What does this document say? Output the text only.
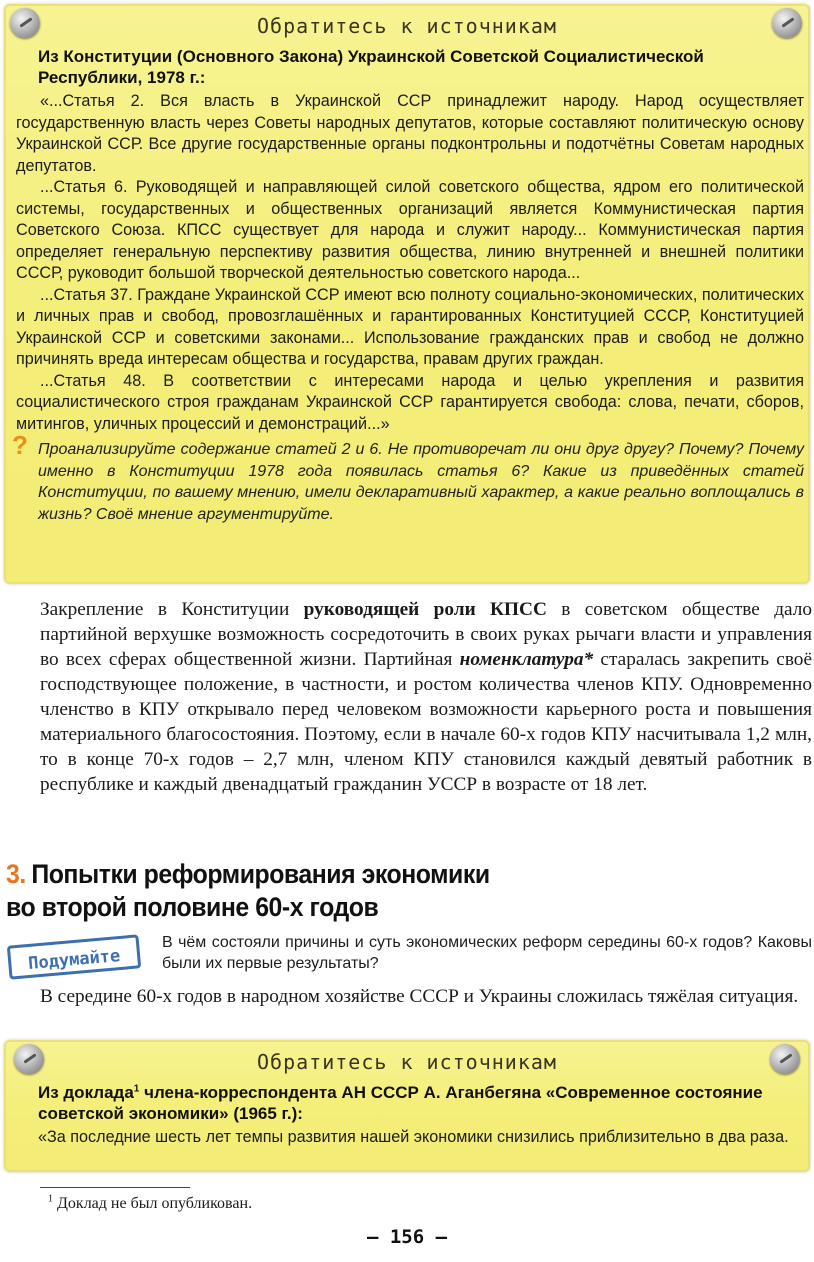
Обратитесь к источникам
Из Конституции (Основного Закона) Украинской Советской Социалистической Республики, 1978 г.:

«...Статья 2. Вся власть в Украинской ССР принадлежит народу. Народ осуществляет государственную власть через Советы народных депутатов, которые составляют политическую основу Украинской ССР. Все другие государственные органы подконтрольны и подотчётны Советам народных депутатов.

...Статья 6. Руководящей и направляющей силой советского общества, ядром его политической системы, государственных и общественных организаций является Коммунистическая партия Советского Союза. КПСС существует для народа и служит народу... Коммунистическая партия определяет генеральную перспективу развития общества, линию внутренней и внешней политики СССР, руководит большой творческой деятельностью советского народа...

...Статья 37. Граждане Украинской ССР имеют всю полноту социально-экономических, политических и личных прав и свобод, провозглашённых и гарантированных Конституцией СССР, Конституцией Украинской ССР и советскими законами... Использование гражданских прав и свобод не должно причинять вреда интересам общества и государства, правам других граждан.

...Статья 48. В соответствии с интересами народа и целью укрепления и развития социалистического строя гражданам Украинской ССР гарантируется свобода: слова, печати, сборов, митингов, уличных процессий и демонстраций...»

? Проанализируйте содержание статей 2 и 6. Не противоречат ли они друг другу? Почему? Почему именно в Конституции 1978 года появилась статья 6? Какие из приведённых статей Конституции, по вашему мнению, имели декларативный характер, а какие реально воплощались в жизнь? Своё мнение аргументируйте.

Закрепление в Конституции руководящей роли КПСС в советском обществе дало партийной верхушке возможность сосредоточить в своих руках рычаги власти и управления во всех сферах общественной жизни. Партийная номенклатура* старалась закрепить своё господствующее положение, в частности, и ростом количества членов КПУ. Одновременно членство в КПУ открывало перед человеком возможности карьерного роста и повышения материального благосостояния. Поэтому, если в начале 60-х годов КПУ насчитывала 1,2 млн, то в конце 70-х годов – 2,7 млн, членом КПУ становился каждый девятый работник в республике и каждый двенадцатый гражданин УССР в возрасте от 18 лет.

3. Попытки реформирования экономики
во второй половине 60-х годов
Подумайте
В чём состояли причины и суть экономических реформ середины 60-х годов? Каковы были их первые результаты?

В середине 60-х годов в народном хозяйстве СССР и Украины сложилась тяжёлая ситуация.

Обратитесь к источникам
Из доклада$^1$ члена-корреспондента АН СССР А. Аганбегяна «Современное состояние советской экономики» (1965 г.):

«За последние шесть лет темпы развития нашей экономики снизились приблизительно в два раза.

$^1$ Доклад не был опубликован.
— 156 —
